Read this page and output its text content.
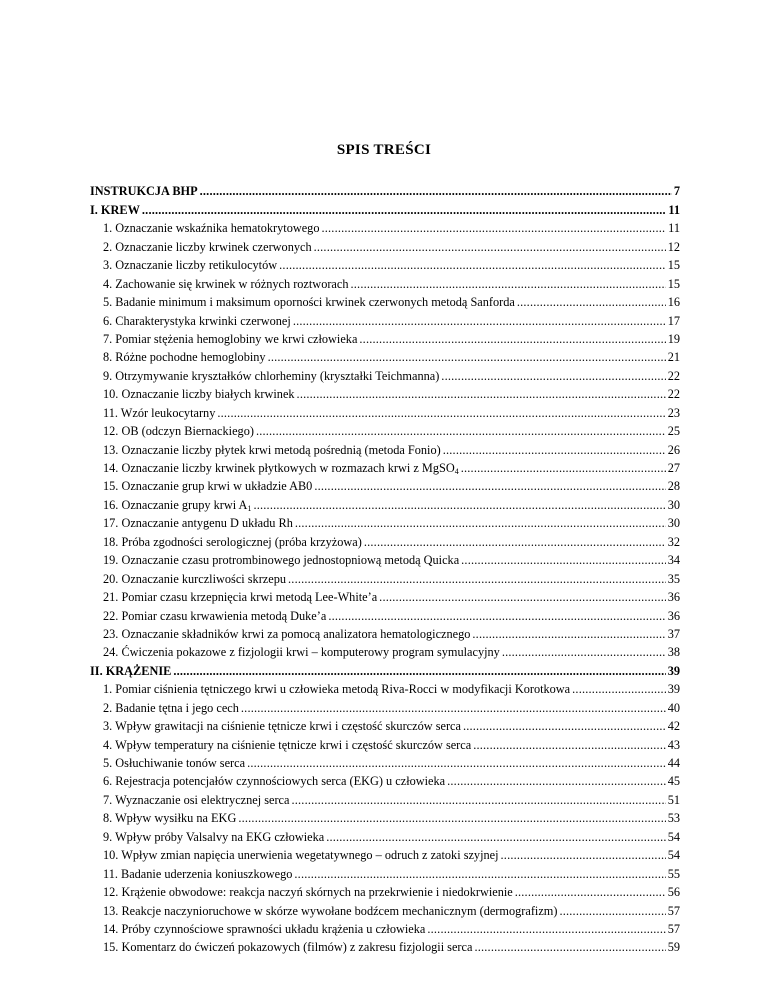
SPIS TREŚCI
INSTRUKCJA BHP .....	7
I. KREW .....	11
1. Oznaczanie wskaźnika hematokrytowego .....	11
2. Oznaczanie liczby krwinek czerwonych .....	12
3. Oznaczanie liczby retikulocytów .....	15
4. Zachowanie się krwinek w różnych roztworach .....	15
5. Badanie minimum i maksimum oporności krwinek czerwonych metodą Sanforda .....	16
6. Charakterystyka krwinki czerwonej .....	17
7. Pomiar stężenia hemoglobiny we krwi człowieka .....	19
8. Różne pochodne hemoglobiny .....	21
9. Otrzymywanie kryształków chlorheminy (kryształki Teichmanna) .....	22
10. Oznaczanie liczby białych krwinek .....	22
11. Wzór leukocytarny .....	23
12. OB (odczyn Biernackiego) .....	25
13. Oznaczanie liczby płytek krwi metodą pośrednią (metoda Fonio) .....	26
14. Oznaczanie liczby krwinek płytkowych w rozmazach krwi z MgSO$_4$ .....	27
15. Oznaczanie grup krwi w układzie AB0 .....	28
16. Oznaczanie grupy krwi $A_1$ .....	30
17. Oznaczanie antygenu D układu Rh .....	30
18. Próba zgodności serologicznej (próba krzyżowa) .....	32
19. Oznaczanie czasu protrombinowego jednostopniową metodą Quicka .....	34
20. Oznaczanie kurczliwości skrzepu .....	35
21. Pomiar czasu krzepnięcia krwi metodą Lee-White’a .....	36
22. Pomiar czasu krwawienia metodą Duke’a .....	36
23. Oznaczanie składników krwi za pomocą analizatora hematologicznego .....	37
24. Ćwiczenia pokazowe z fizjologii krwi – komputerowy program symulacyjny .....	38
II. KRĄŻENIE .....	39
1. Pomiar ciśnienia tętniczego krwi u człowieka metodą Riva-Rocci w modyfikacji Korotkowa .....	39
2. Badanie tętna i jego cech .....	40
3. Wpływ grawitacji na ciśnienie tętnicze krwi i częstość skurczów serca .....	42
4. Wpływ temperatury na ciśnienie tętnicze krwi i częstość skurczów serca .....	43
5. Osłuchiwanie tonów serca .....	44
6. Rejestracja potencjałów czynnościowych serca (EKG) u człowieka .....	45
7. Wyznaczanie osi elektrycznej serca .....	51
8. Wpływ wysiłku na EKG .....	53
9. Wpływ próby Valsalvy na EKG człowieka .....	54
10. Wpływ zmian napięcia unerwienia wegetatywnego – odruch z zatoki szyjnej .....	54
11. Badanie uderzenia koniuszkowego .....	55
12. Krążenie obwodowe: reakcja naczyń skórnych na przekrwienie i niedokrwienie .....	56
13. Reakcje naczynioruchowe w skórze wywołane bodźcem mechanicznym (dermografizm) .....	57
14. Próby czynnościowe sprawności układu krążenia u człowieka .....	57
15. Komentarz do ćwiczeń pokazowych (filmów) z zakresu fizjologii serca .....	59
